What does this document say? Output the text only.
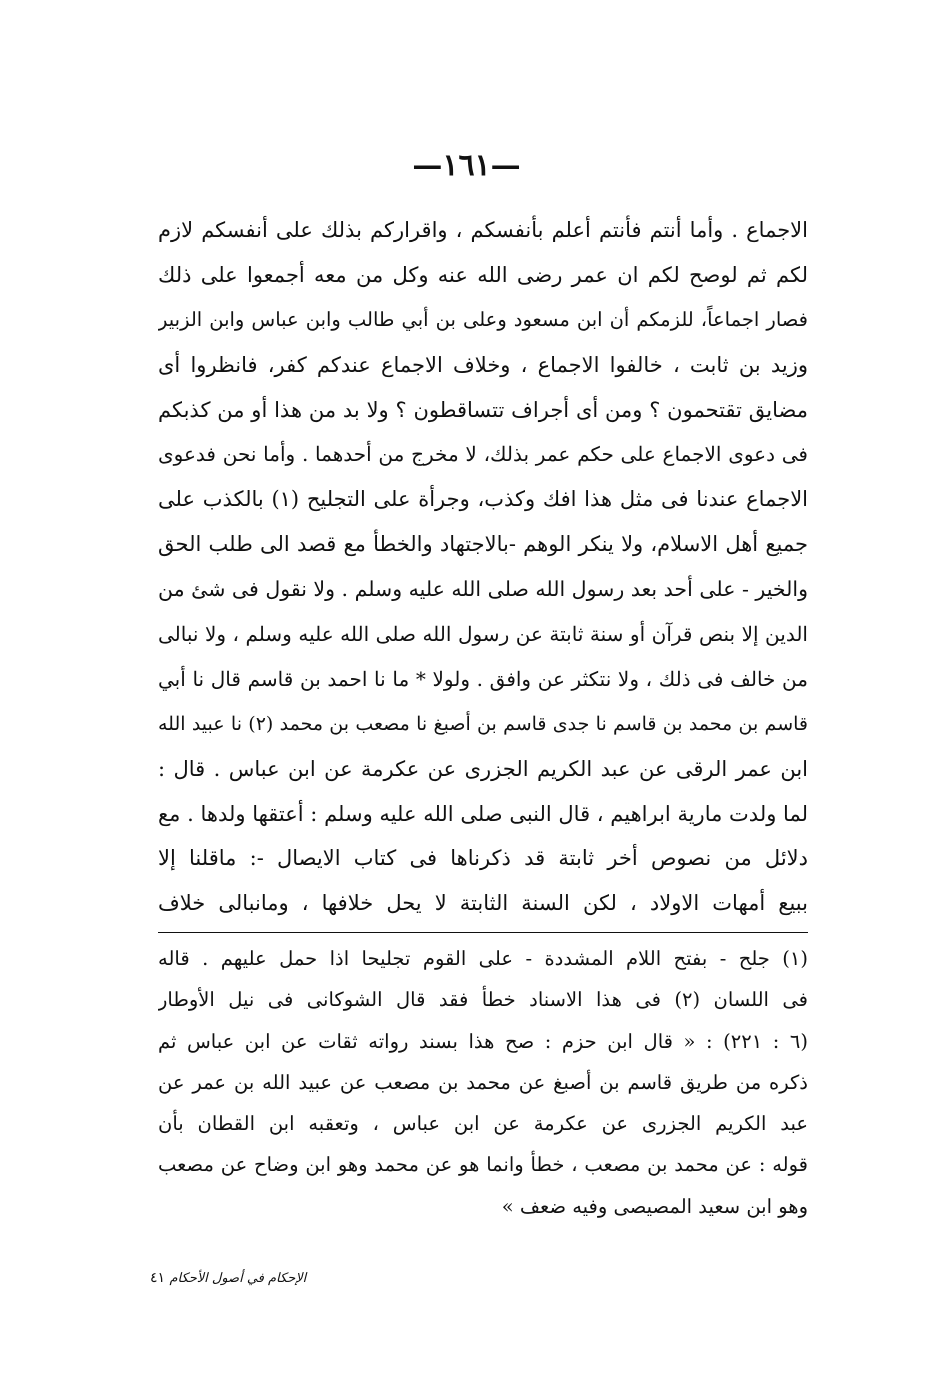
—١٦١—
الاجماع . وأما أنتم فأنتم أعلم بأنفسكم ، واقراركم بذلك على أنفسكم لازم
لكم ثم لوصح لكم ان عمر رضى الله عنه وكل من معه أجمعوا على ذلك
فصار اجماعاً، للزمكم أن ابن مسعود وعلى بن أبي طالب وابن عباس وابن الزبير
وزيد بن ثابت ، خالفوا الاجماع ، وخلاف الاجماع عندكم كفر، فانظروا أى
مضايق تقتحمون ؟ ومن أى أجراف تتساقطون ؟ ولا بد من هذا أو من كذبكم
فى دعوى الاجماع على حكم عمر بذلك، لا مخرج من أحدهما . وأما نحن فدعوى
الاجماع عندنا فى مثل هذا افك وكذب، وجرأة على التجليح (١) بالكذب على
جميع أهل الاسلام، ولا ينكر الوهم -بالاجتهاد والخطأ مع قصد الى طلب الحق
والخير - على أحد بعد رسول الله صلى الله عليه وسلم . ولا نقول فى شئ من
الدين إلا بنص قرآن أو سنة ثابتة عن رسول الله صلى الله عليه وسلم ، ولا نبالى
من خالف فى ذلك ، ولا نتكثر عن وافق . ولولا * ما نا احمد بن قاسم قال نا أبي
قاسم بن محمد بن قاسم نا جدى قاسم بن أصبغ نا مصعب بن محمد (٢) نا عبيد الله
ابن عمر الرقى عن عبد الكريم الجزرى عن عكرمة عن ابن عباس . قال :
لما ولدت مارية ابراهيم ، قال النبى صلى الله عليه وسلم : أعتقها ولدها . مع
دلائل من نصوص أخر ثابتة قد ذكرناها فى كتاب الايصال -: ماقلنا إلا
ببيع أمهات الاولاد ، لكن السنة الثابتة لا يحل خلافها ، ومانبالى خلاف
(١) جلح - بفتح اللام المشددة - على القوم تجليحا اذا حمل عليهم . قاله
فى اللسان (٢) فى هذا الاسناد خطأ فقد قال الشوكانى فى نيل الأوطار
(٦ : ٢٢١) : « قال ابن حزم : صح هذا بسند رواته ثقات عن ابن عباس ثم
ذكره من طريق قاسم بن أصبغ عن محمد بن مصعب عن عبيد الله بن عمر عن
عبد الكريم الجزرى عن عكرمة عن ابن عباس ، وتعقبه ابن القطان بأن
قوله : عن محمد بن مصعب ، خطأ وانما هو عن محمد وهو ابن وضاح عن مصعب
وهو ابن سعيد المصيصى وفيه ضعف »
الإحكام في أصول الأحكام ٤١
